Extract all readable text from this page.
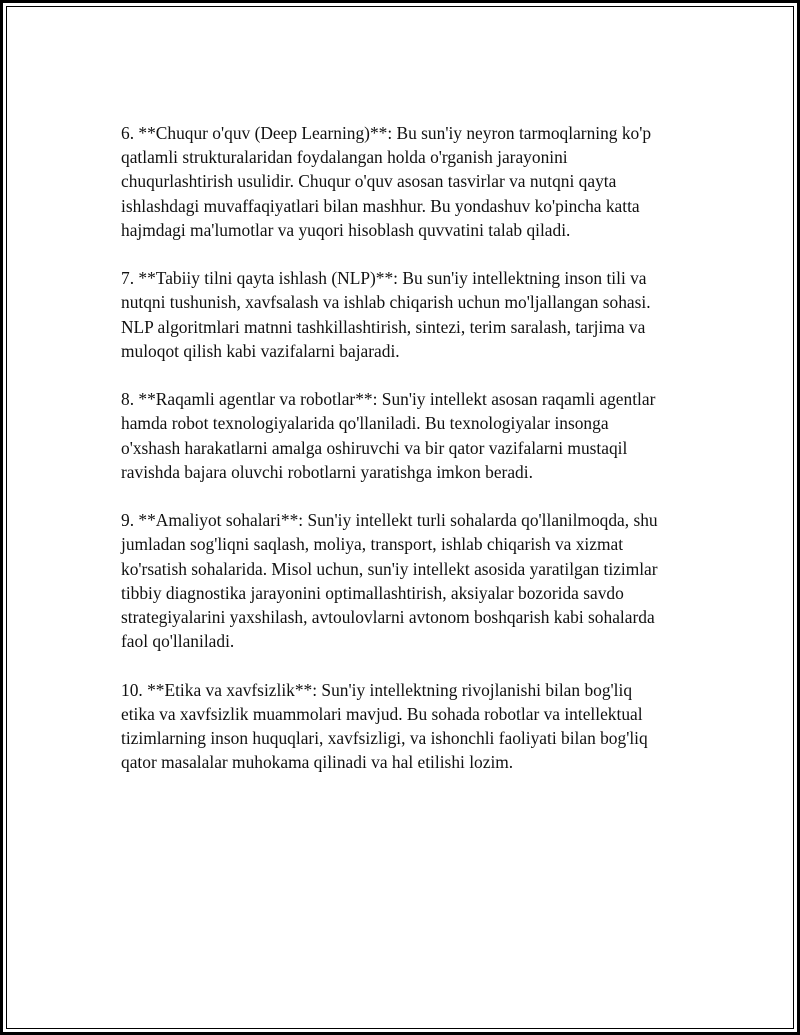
6. **Chuqur o'quv (Deep Learning)**: Bu sun'iy neyron tarmoqlarning ko'p
qatlamli strukturalaridan foydalangan holda o'rganish jarayonini
chuqurlashtirish usulidir. Chuqur o'quv asosan tasvirlar va nutqni qayta
ishlashdagi muvaffaqiyatlari bilan mashhur. Bu yondashuv ko'pincha katta
hajmdagi ma'lumotlar va yuqori hisoblash quvvatini talab qiladi.

7. **Tabiiy tilni qayta ishlash (NLP)**: Bu sun'iy intellektning inson tili va
nutqni tushunish, xavfsalash va ishlab chiqarish uchun mo'ljallangan sohasi.
NLP algoritmlari matnni tashkillashtirish, sintezi, terim saralash, tarjima va
muloqot qilish kabi vazifalarni bajaradi.

8. **Raqamli agentlar va robotlar**: Sun'iy intellekt asosan raqamli agentlar
hamda robot texnologiyalarida qo'llaniladi. Bu texnologiyalar insonga
o'xshash harakatlarni amalga oshiruvchi va bir qator vazifalarni mustaqil
ravishda bajara oluvchi robotlarni yaratishga imkon beradi.

9. **Amaliyot sohalari**: Sun'iy intellekt turli sohalarda qo'llanilmoqda, shu
jumladan sog'liqni saqlash, moliya, transport, ishlab chiqarish va xizmat
ko'rsatish sohalarida. Misol uchun, sun'iy intellekt asosida yaratilgan tizimlar
tibbiy diagnostika jarayonini optimallashtirish, aksiyalar bozorida savdo
strategiyalarini yaxshilash, avtoulovlarni avtonom boshqarish kabi sohalarda
faol qo'llaniladi.

10. **Etika va xavfsizlik**: Sun'iy intellektning rivojlanishi bilan bog'liq
etika va xavfsizlik muammolari mavjud. Bu sohada robotlar va intellektual
tizimlarning inson huquqlari, xavfsizligi, va ishonchli faoliyati bilan bog'liq
qator masalalar muhokama qilinadi va hal etilishi lozim.
